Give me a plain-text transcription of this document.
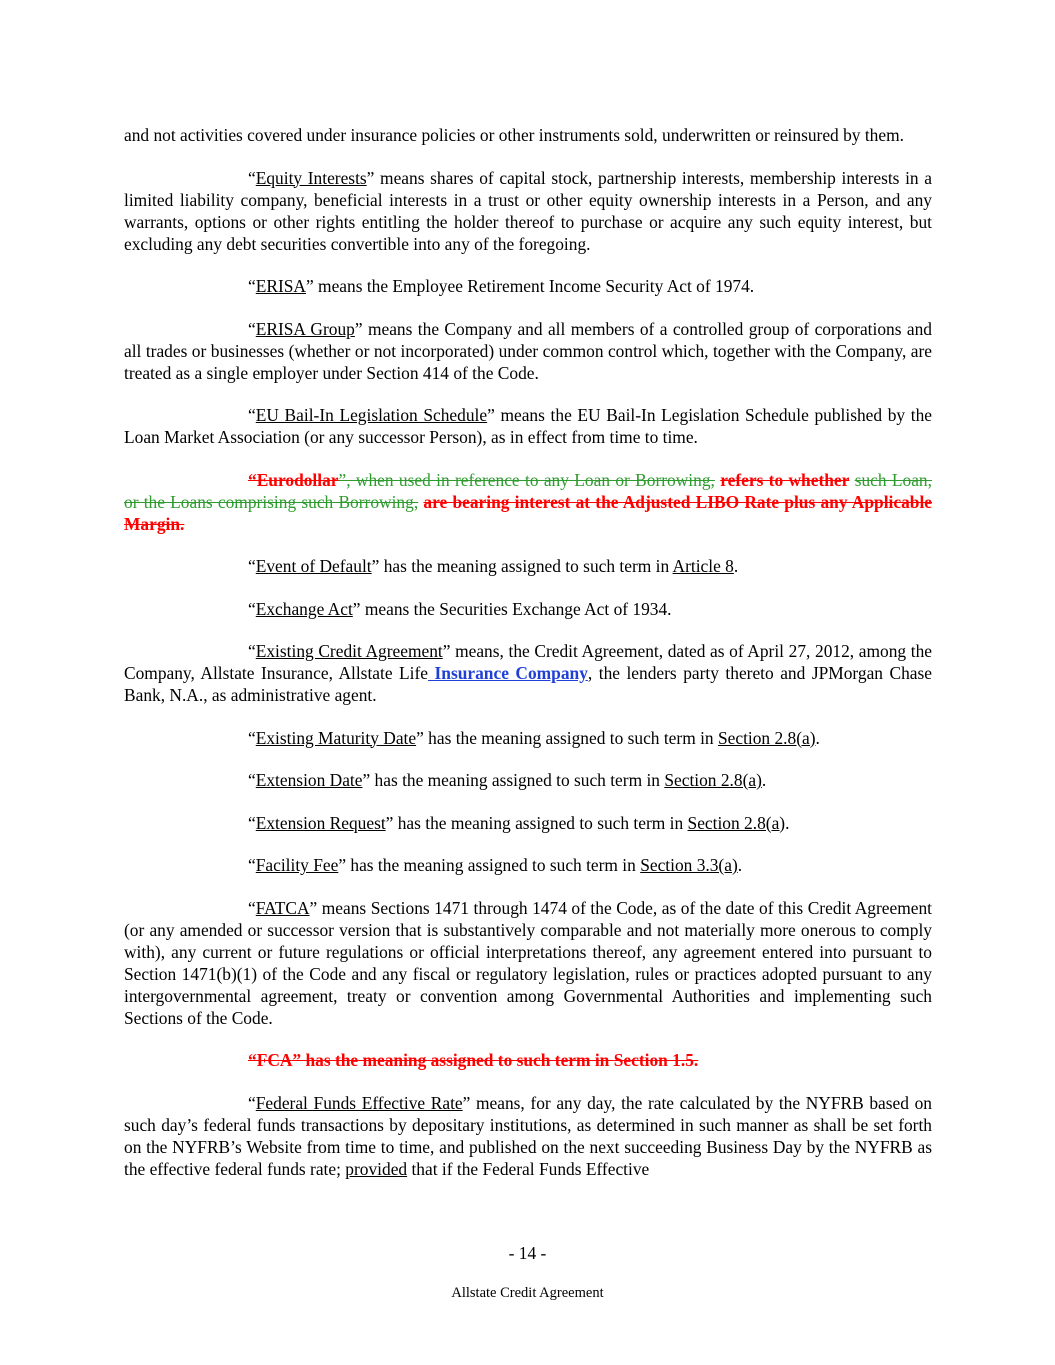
and not activities covered under insurance policies or other instruments sold, underwritten or reinsured by them.

“Equity Interests” means shares of capital stock, partnership interests, membership interests in a limited liability company, beneficial interests in a trust or other equity ownership interests in a Person, and any warrants, options or other rights entitling the holder thereof to purchase or acquire any such equity interest, but excluding any debt securities convertible into any of the foregoing.

“ERISA” means the Employee Retirement Income Security Act of 1974.

“ERISA Group” means the Company and all members of a controlled group of corporations and all trades or businesses (whether or not incorporated) under common control which, together with the Company, are treated as a single employer under Section 414 of the Code.

“EU Bail-In Legislation Schedule” means the EU Bail-In Legislation Schedule published by the Loan Market Association (or any successor Person), as in effect from time to time.

“Eurodollar”, when used in reference to any Loan or Borrowing, refers to whether such Loan, or the Loans comprising such Borrowing, are bearing interest at the Adjusted LIBO Rate plus any Applicable Margin.

“Event of Default” has the meaning assigned to such term in Article 8.

“Exchange Act” means the Securities Exchange Act of 1934.

“Existing Credit Agreement” means, the Credit Agreement, dated as of April 27, 2012, among the Company, Allstate Insurance, Allstate Life Insurance Company, the lenders party thereto and JPMorgan Chase Bank, N.A., as administrative agent.

“Existing Maturity Date” has the meaning assigned to such term in Section 2.8(a).

“Extension Date” has the meaning assigned to such term in Section 2.8(a).

“Extension Request” has the meaning assigned to such term in Section 2.8(a).

“Facility Fee” has the meaning assigned to such term in Section 3.3(a).

“FATCA” means Sections 1471 through 1474 of the Code, as of the date of this Credit Agreement (or any amended or successor version that is substantively comparable and not materially more onerous to comply with), any current or future regulations or official interpretations thereof, any agreement entered into pursuant to Section 1471(b)(1) of the Code and any fiscal or regulatory legislation, rules or practices adopted pursuant to any intergovernmental agreement, treaty or convention among Governmental Authorities and implementing such Sections of the Code.

“FCA” has the meaning assigned to such term in Section 1.5.

“Federal Funds Effective Rate” means, for any day, the rate calculated by the NYFRB based on such day’s federal funds transactions by depositary institutions, as determined in such manner as shall be set forth on the NYFRB’s Website from time to time, and published on the next succeeding Business Day by the NYFRB as the effective federal funds rate; provided that if the Federal Funds Effective

- 14 -
Allstate Credit Agreement
